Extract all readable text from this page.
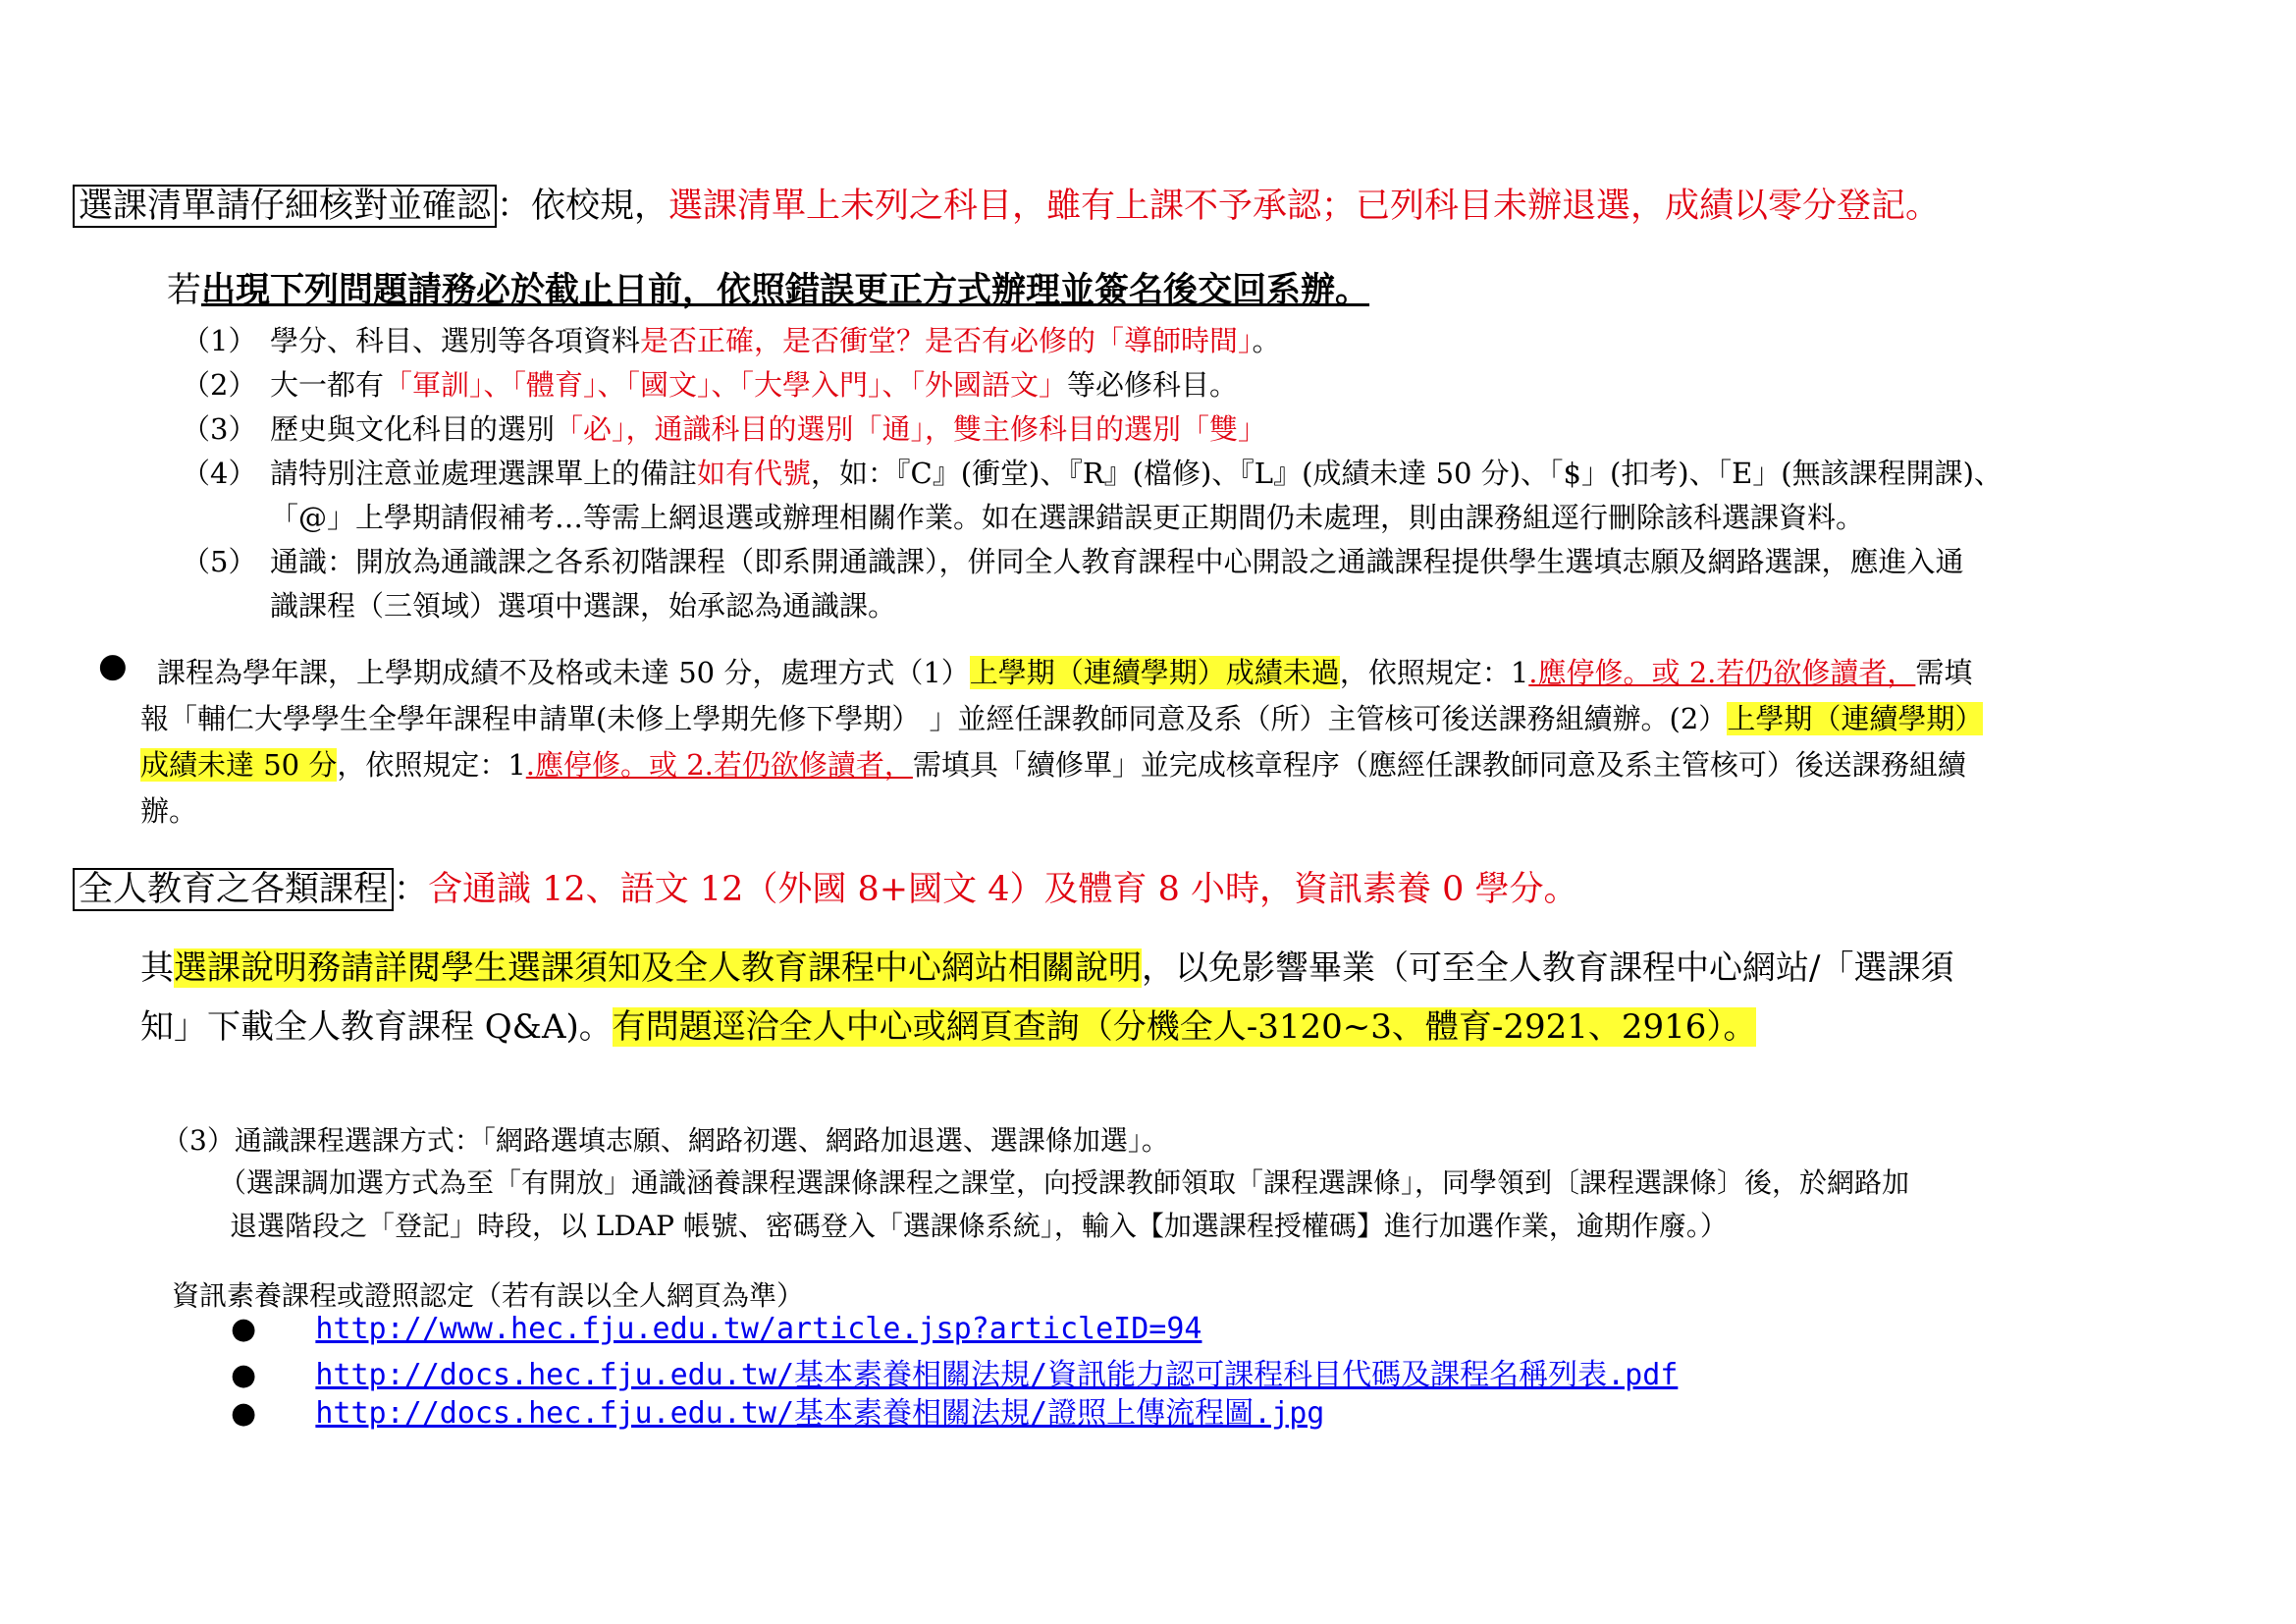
選課清單請仔細核對並確認 ：依校規，選課清單上未列之科目，雖有上課不予承認；已列科目未辦退選，成績以零分登記。
若出現下列問題請務必於截止日前，依照錯誤更正方式辦理並簽名後交回系辦。
（1） 學分、科目、選別等各項資料是否正確，是否衝堂？是否有必修的「導師時間」。
（2） 大一都有「軍訓」、「體育」、「國文」、「大學入門」、「外國語文」等必修科目。
（3） 歷史與文化科目的選別「必」，通識科目的選別「通」，雙主修科目的選別「雙」
（4） 請特別注意並處理選課單上的備註如有代號，如：『C』(衝堂)、『R』(檔修)、『L』(成績未達 50 分)、「$」(扣考)、「E」(無該課程開課)、
「@」上學期請假補考…等需上網退選或辦理相關作業。如在選課錯誤更正期間仍未處理，則由課務組逕行刪除該科選課資料。
（5） 通識：開放為通識課之各系初階課程（即系開通識課），併同全人教育課程中心開設之通識課程提供學生選填志願及網路選課，應進入通
識課程（三領域）選項中選課，始承認為通識課。
● 課程為學年課，上學期成績不及格或未達 50 分，處理方式（1）上學期（連續學期）成績未過，依照規定：1.應停修。或 2.若仍欲修讀者，需填
報「輔仁大學學生全學年課程申請單(未修上學期先修下學期） 」並經任課教師同意及系（所）主管核可後送課務組續辦。(2）上學期（連續學期）
成績未達 50 分，依照規定：1.應停修。或 2.若仍欲修讀者，需填具「續修單」並完成核章程序（應經任課教師同意及系主管核可）後送課務組續
辦。
全人教育之各類課程 ：含通識 12、語文 12（外國 8+國文 4）及體育 8 小時，資訊素養 0 學分。
其選課說明務請詳閱學生選課須知及全人教育課程中心網站相關說明，以免影響畢業（可至全人教育課程中心網站/「選課須
知」下載全人教育課程 Q&A)。有問題逕洽全人中心或網頁查詢（分機全人-3120~3、體育-2921、2916）。
（3）通識課程選課方式：「網路選填志願、網路初選、網路加退選、選課條加選」。
（選課調加選方式為至「有開放」通識涵養課程選課條課程之課堂，向授課教師領取「課程選課條」，同學領到〔課程選課條〕後，於網路加
退選階段之「登記」時段，以 LDAP 帳號、密碼登入「選課條系統」，輸入【加選課程授權碼】進行加選作業，逾期作廢。）
資訊素養課程或證照認定（若有誤以全人網頁為準）
● http://www.hec.fju.edu.tw/article.jsp?articleID=94
● http://docs.hec.fju.edu.tw/基本素養相關法規/資訊能力認可課程科目代碼及課程名稱列表.pdf
● http://docs.hec.fju.edu.tw/基本素養相關法規/證照上傳流程圖.jpg
